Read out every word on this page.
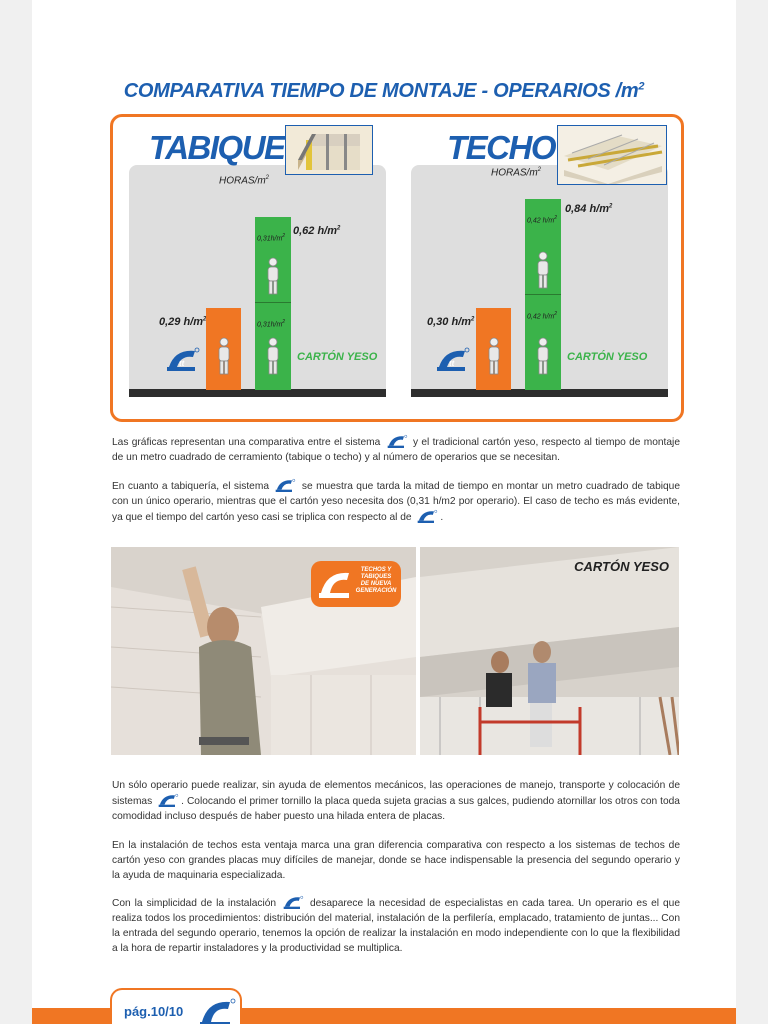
COMPARATIVA TIEMPO DE MONTAJE - OPERARIOS $/m^2$
TABIQUE
HORAS/$m^2$
0,29 $h/m^2$
$0,31h/m^2$
$0,31h/m^2$
0,62 $h/m^2$
CARTÓN YESO
tt
TECHO
HORAS/$m^2$
0,30 $h/m^2$
0,42 $h/m^2$
0,42 $h/m^2$
0,84 $h/m^2$
CARTÓN YESO
tt

Las gráficas representan una comparativa entre el sistema	y el tradicional cartón yeso, respecto al tiempo de montaje de un metro cuadrado de cerramiento (tabique o techo) y al número de operarios que se necesitan.

En cuanto a tabiquería, el sistema	se muestra que tarda la mitad de tiempo en montar un metro cuadrado de tabique con un único operario, mientras que el cartón yeso necesita dos (0,31 h/m2 por operario). El caso de techo es más evidente, ya que el tiempo del cartón yeso casi se triplica con respecto al de	.

TECHOS Y
TABIQUES
DE NUEVA
GENERACIÓN
CARTÓN YESO

Un sólo operario puede realizar, sin ayuda de elementos mecánicos, las operaciones de manejo, transporte y colocación de sistemas	. Colocando el primer tornillo la placa queda sujeta gracias a sus galces, pudiendo atornillar los otros con toda comodidad incluso después de haber puesto una hilada entera de placas.

En la instalación de techos esta ventaja marca una gran diferencia comparativa con respecto a los sistemas de techos de cartón yeso con grandes placas muy difíciles de manejar, donde se hace indispensable la presencia del segundo operario y la ayuda de maquinaria especializada.

Con la simplicidad de la instalación	desaparece la necesidad de especialistas en cada tarea. Un operario es el que realiza todos los procedimientos: distribución del material, instalación de la perfilería, emplacado, tratamiento de juntas... Con la entrada del segundo operario, tenemos la opción de realizar la instalación en modo independiente con lo que la flexibilidad a la hora de repartir instaladores y la productividad se multiplica.

pág.10/10	tt
